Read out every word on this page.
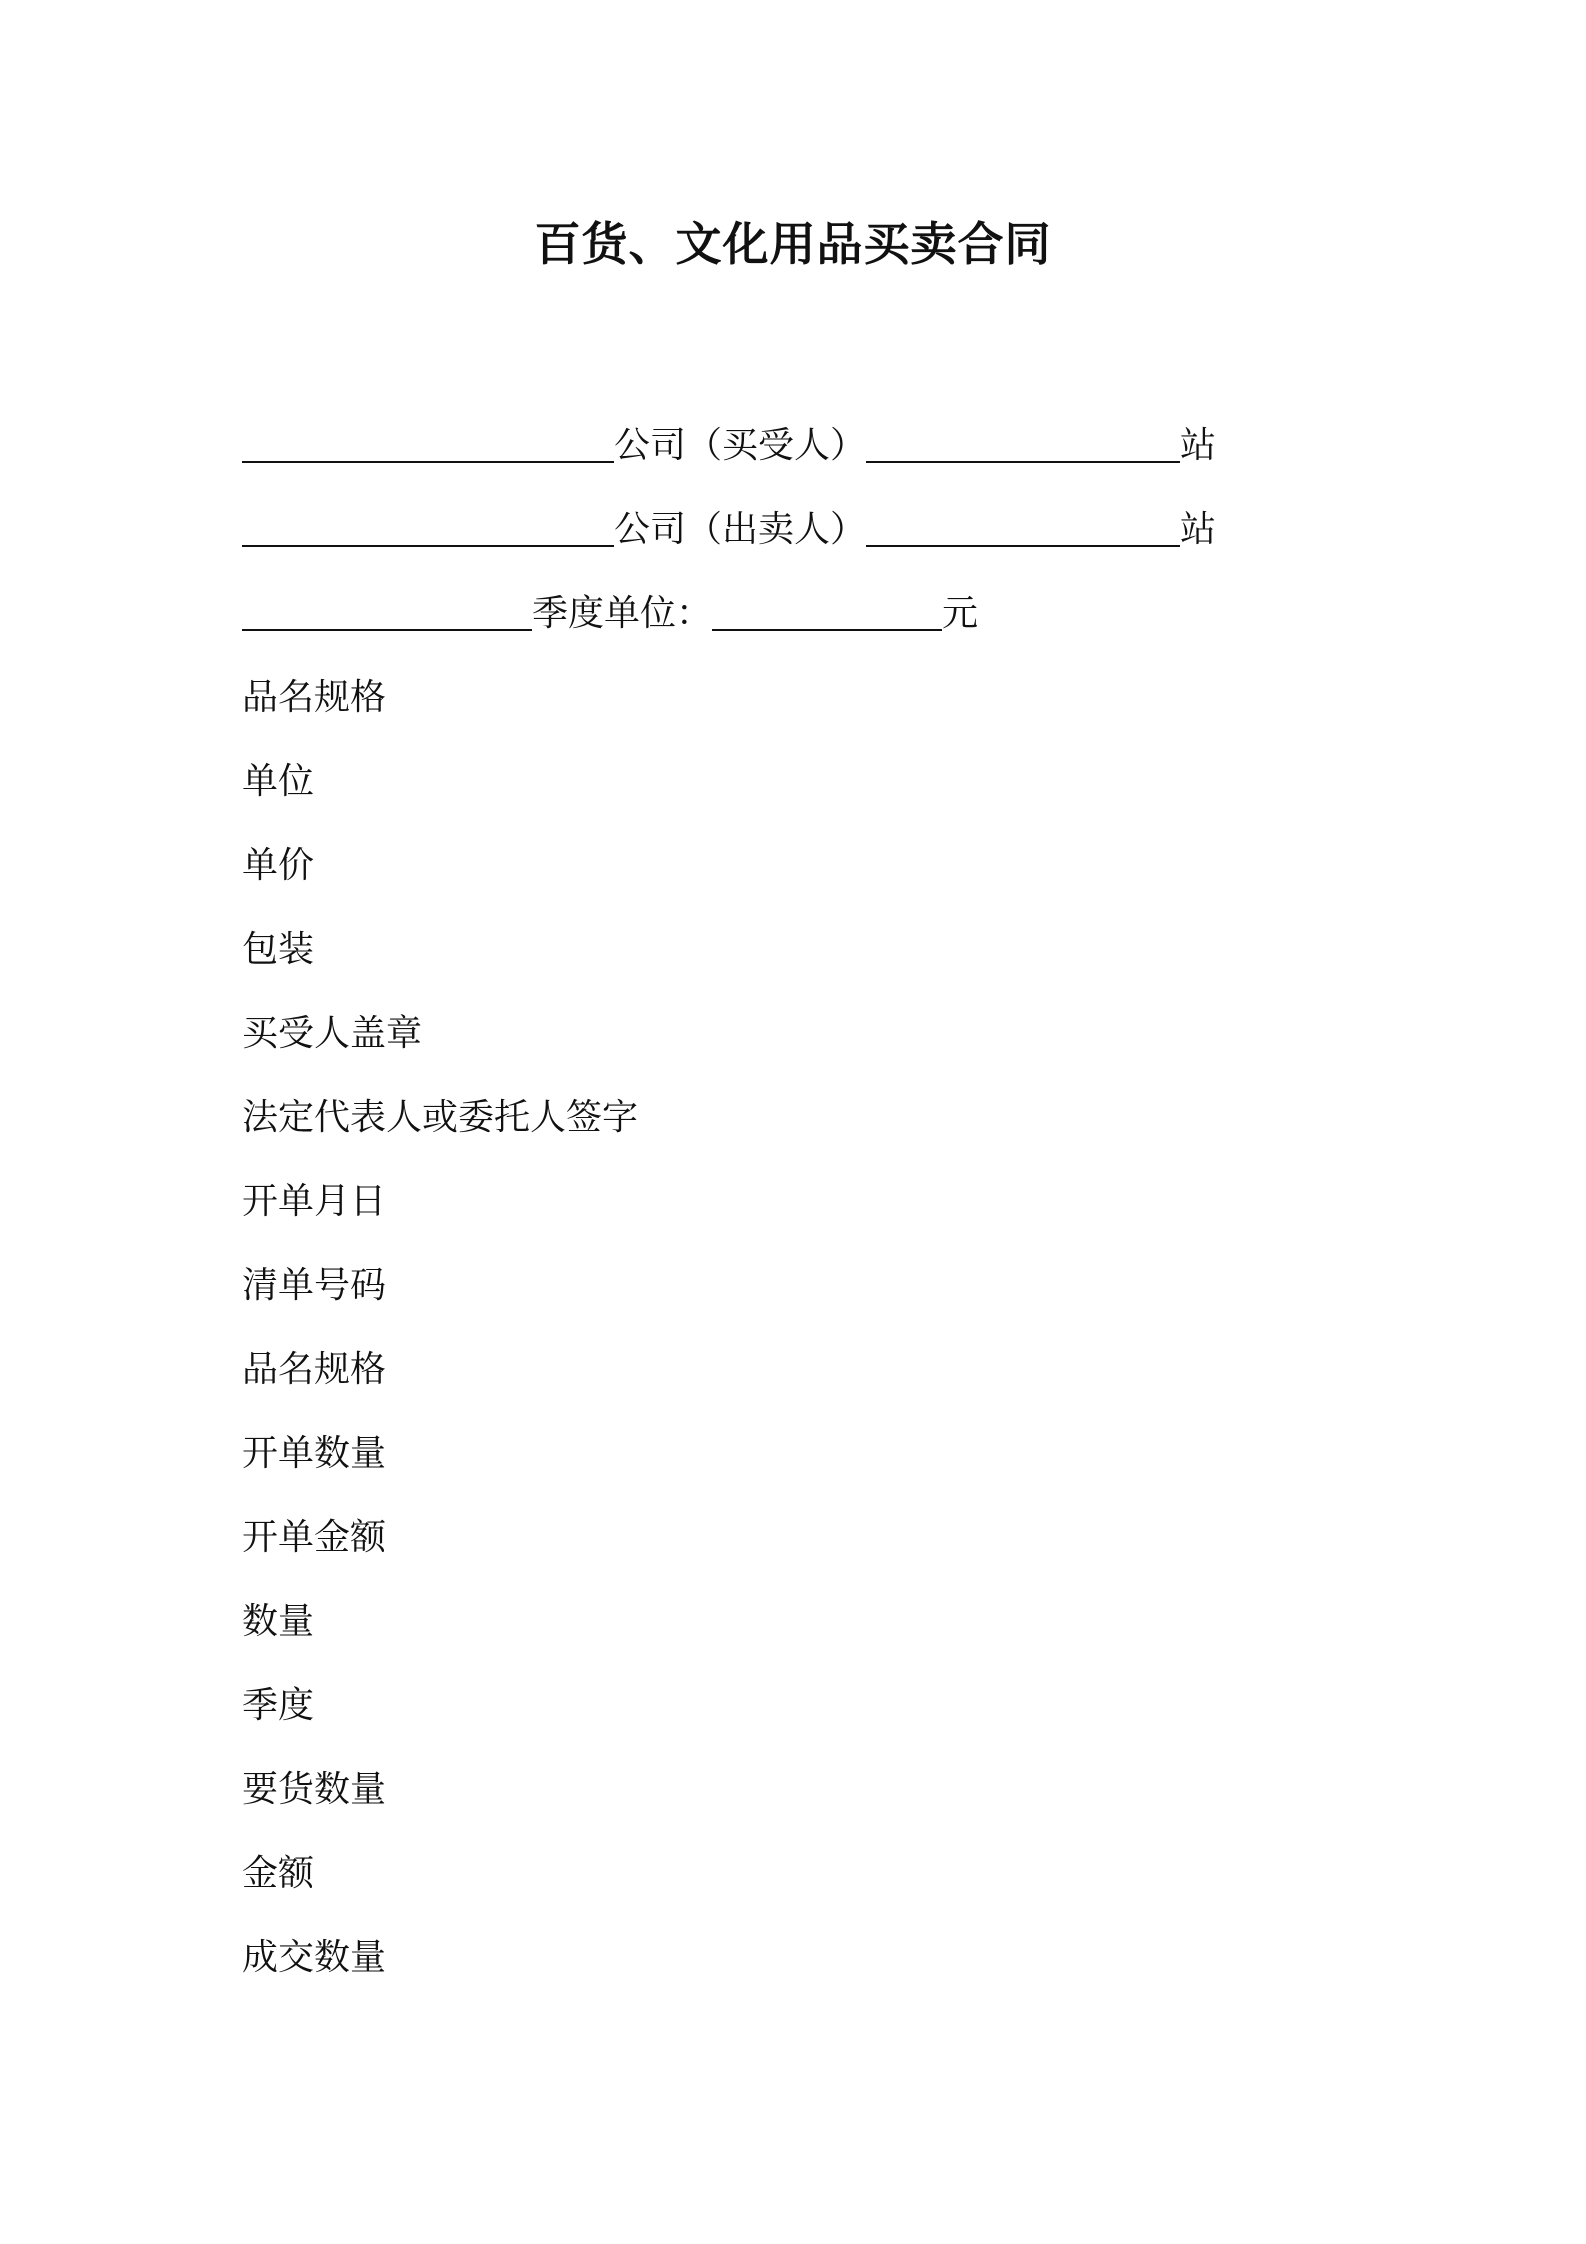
百货、文化用品买卖合同
公司（买受人）	站
公司（出卖人）	站
季度单位：	元
品名规格
单位
单价
包装
买受人盖章
法定代表人或委托人签字
开单月日
清单号码
品名规格
开单数量
开单金额
数量
季度
要货数量
金额
成交数量
